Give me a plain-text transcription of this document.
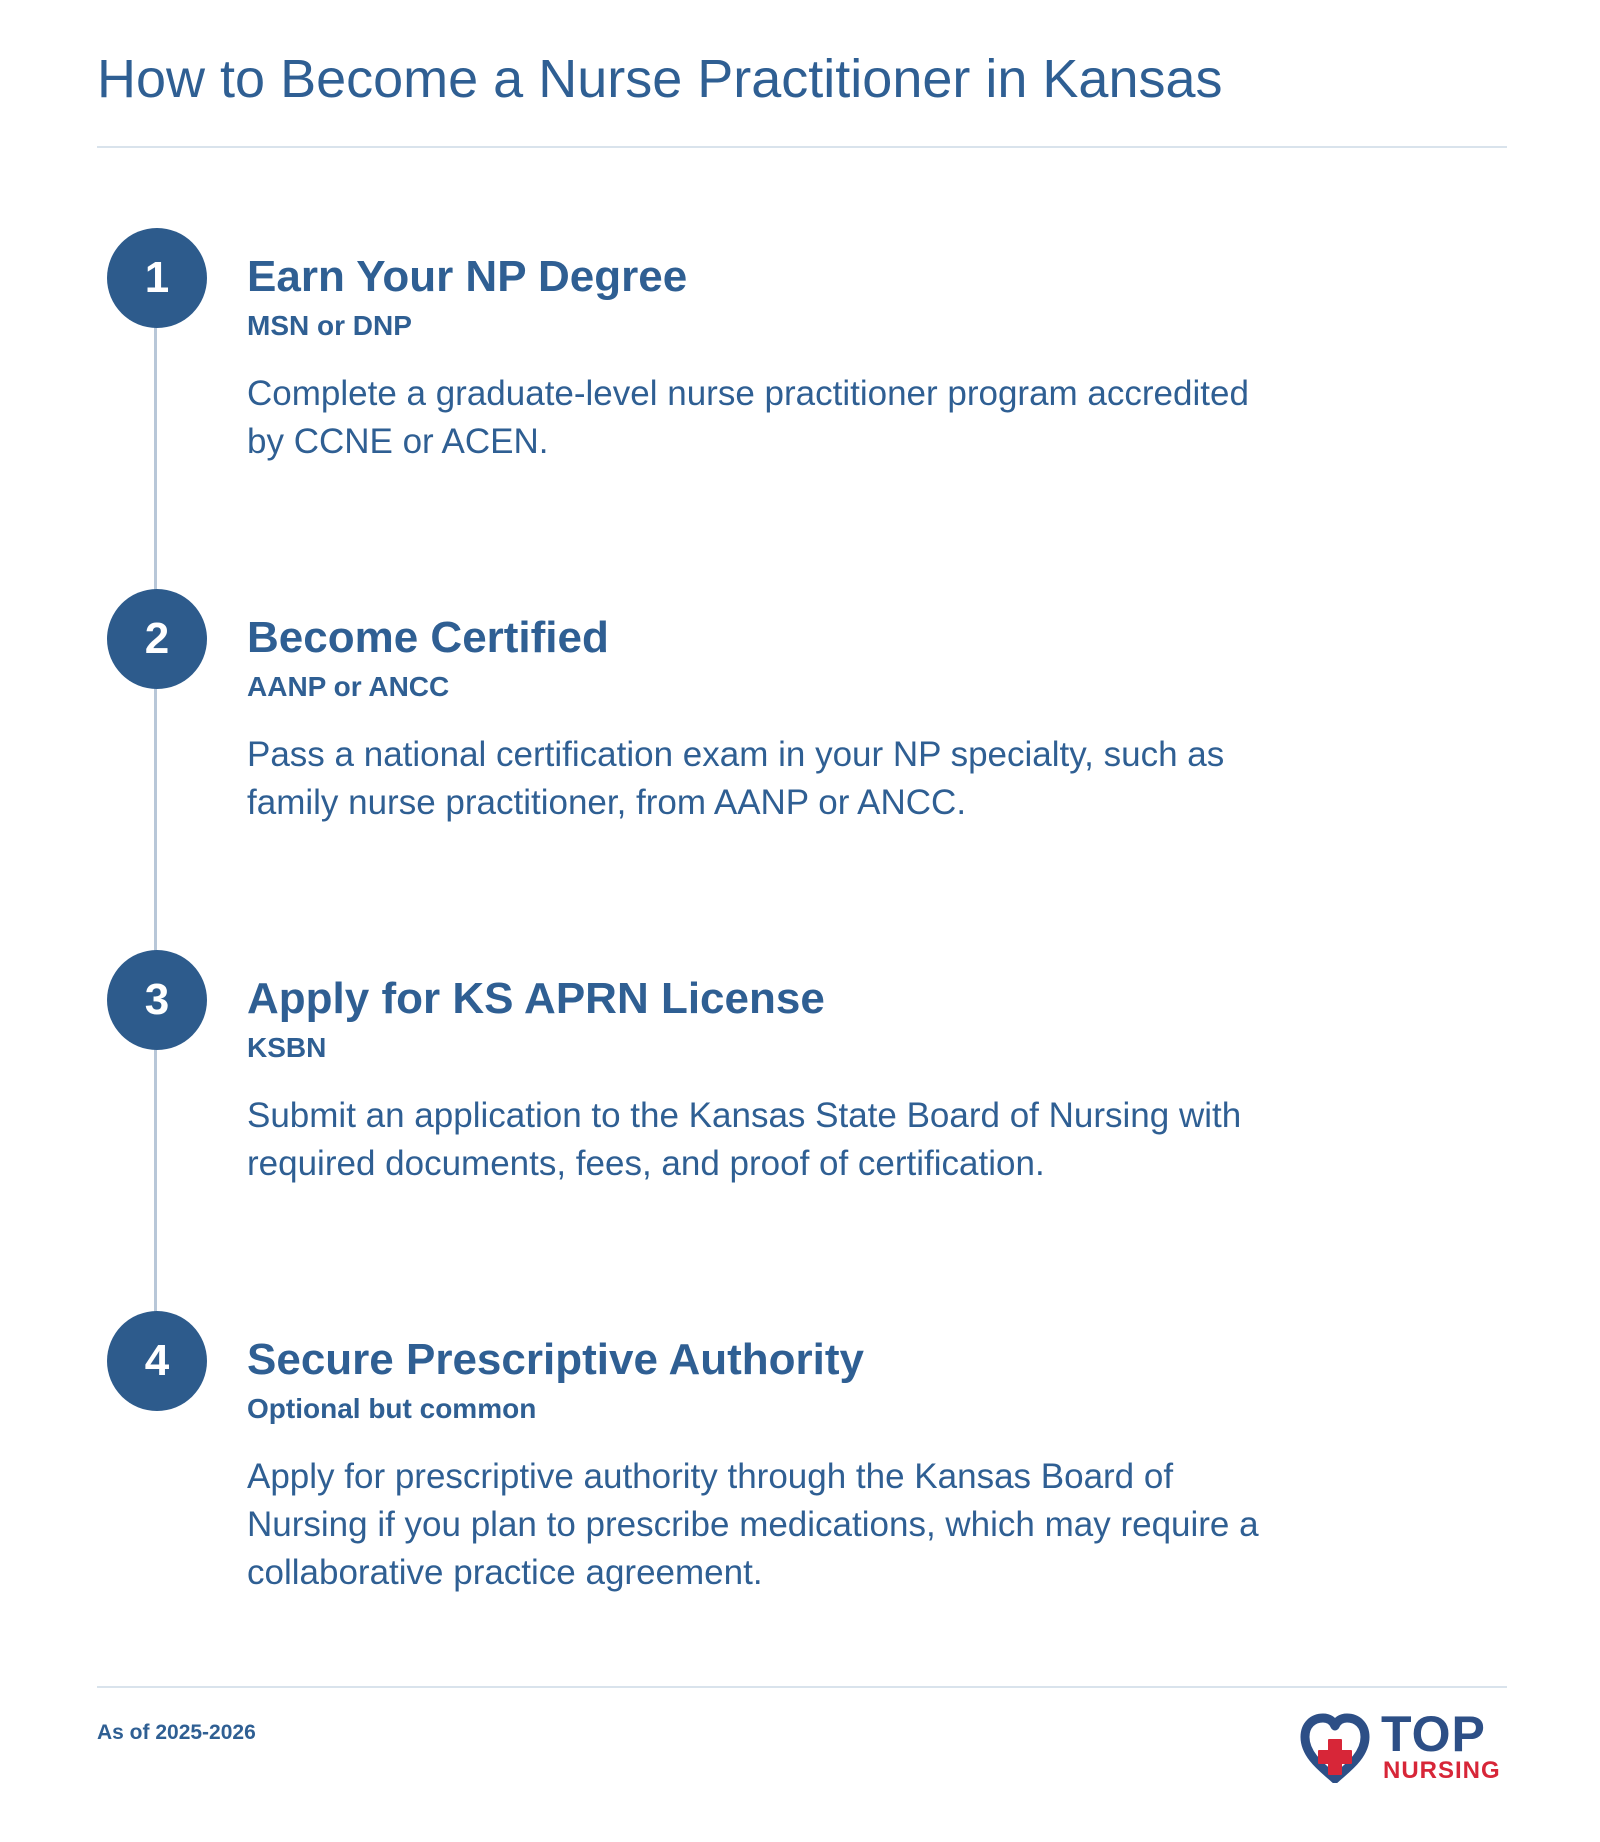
How to Become a Nurse Practitioner in Kansas
1	Earn Your NP Degree
MSN or DNP

Complete a graduate-level nurse practitioner program accredited by CCNE or ACEN.

2	Become Certified
AANP or ANCC

Pass a national certification exam in your NP specialty, such as family nurse practitioner, from AANP or ANCC.

3	Apply for KS APRN License
KSBN

Submit an application to the Kansas State Board of Nursing with required documents, fees, and proof of certification.

4	Secure Prescriptive Authority
Optional but common

Apply for prescriptive authority through the Kansas Board of Nursing if you plan to prescribe medications, which may require a collaborative practice agreement.

As of 2025-2026	TOP
NURSING
